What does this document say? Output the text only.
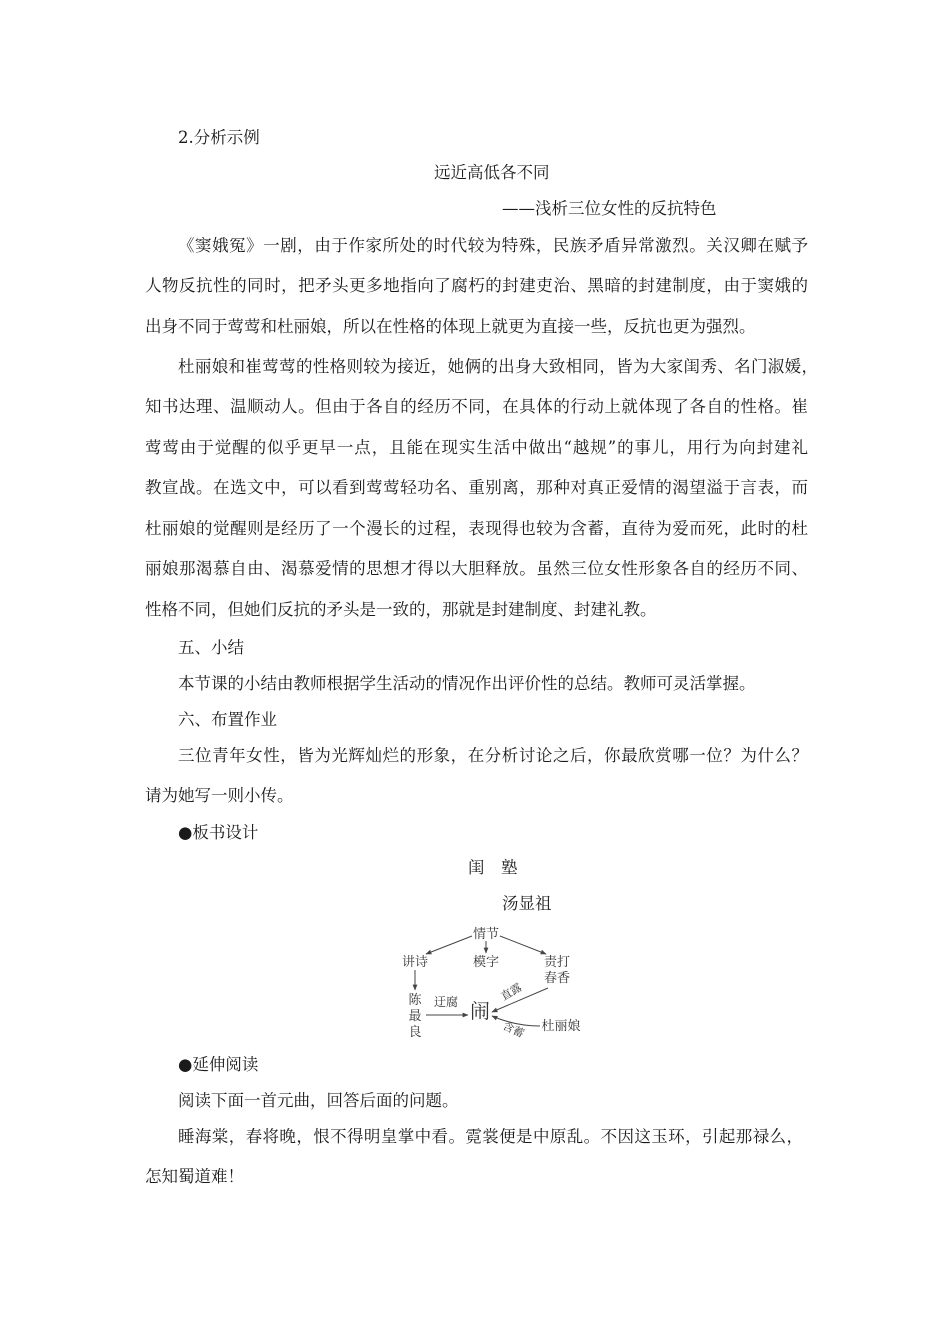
2.分析示例
远近高低各不同
——浅析三位女性的反抗特色
《窦娥冤》一剧，由于作家所处的时代较为特殊，民族矛盾异常激烈。关汉卿在赋予
人物反抗性的同时，把矛头更多地指向了腐朽的封建吏治、黑暗的封建制度，由于窦娥的
出身不同于莺莺和杜丽娘，所以在性格的体现上就更为直接一些，反抗也更为强烈。
杜丽娘和崔莺莺的性格则较为接近，她俩的出身大致相同，皆为大家闺秀、名门淑媛，
知书达理、温顺动人。但由于各自的经历不同，在具体的行动上就体现了各自的性格。崔
莺莺由于觉醒的似乎更早一点，且能在现实生活中做出“越规”的事儿，用行为向封建礼
教宣战。在选文中，可以看到莺莺轻功名、重别离，那种对真正爱情的渴望溢于言表，而
杜丽娘的觉醒则是经历了一个漫长的过程，表现得也较为含蓄，直待为爱而死，此时的杜
丽娘那渴慕自由、渴慕爱情的思想才得以大胆释放。虽然三位女性形象各自的经历不同、
性格不同，但她们反抗的矛头是一致的，那就是封建制度、封建礼教。
五、小结
本节课的小结由教师根据学生活动的情况作出评价性的总结。教师可灵活掌握。
六、布置作业
三位青年女性，皆为光辉灿烂的形象，在分析讨论之后，你最欣赏哪一位？为什么？
请为她写一则小传。
●板书设计
闺　塾
汤显祖
情节
讲诗	模字	责打
春香
陈
最
良
闹
迂腐	直露
含蓄 杜丽娘
●延伸阅读
阅读下面一首元曲，回答后面的问题。
睡海棠，春将晚，恨不得明皇掌中看。霓裳便是中原乱。不因这玉环，引起那禄么，
怎知蜀道难！
